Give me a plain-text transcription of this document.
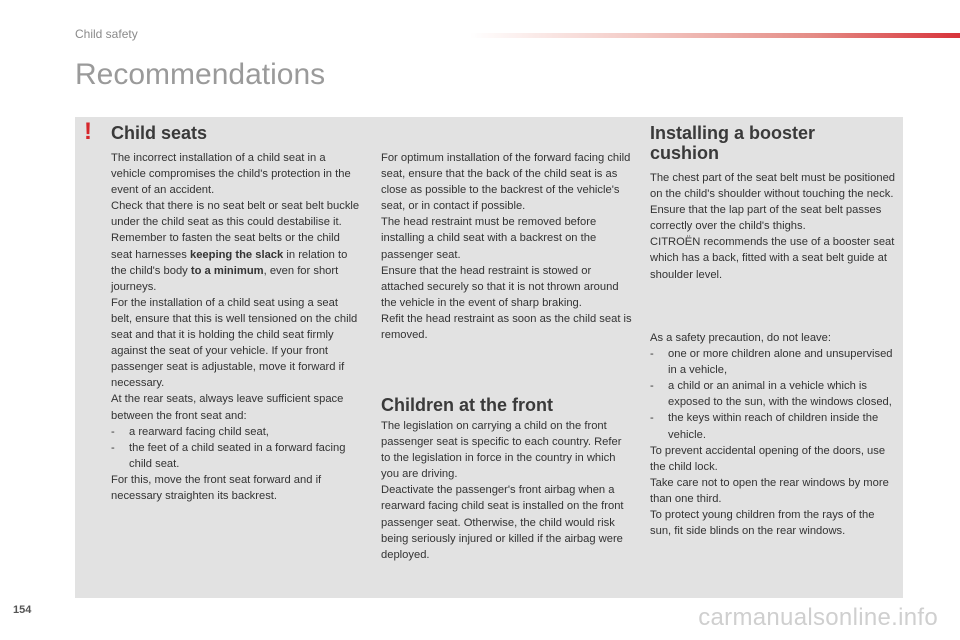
Child safety
Recommendations
! Child seats

The incorrect installation of a child seat in a vehicle compromises the child's protection in the event of an accident.

Check that there is no seat belt or seat belt buckle under the child seat as this could destabilise it.

Remember to fasten the seat belts or the child seat harnesses keeping the slack in relation to the child's body to a minimum, even for short journeys.

For the installation of a child seat using a seat belt, ensure that this is well tensioned on the child seat and that it is holding the child seat firmly against the seat of your vehicle. If your front passenger seat is adjustable, move it forward if necessary.

At the rear seats, always leave sufficient space between the front seat and:

- a rearward facing child seat,

- the feet of a child seated in a forward facing child seat.

For this, move the front seat forward and if necessary straighten its backrest.

For optimum installation of the forward facing child seat, ensure that the back of the child seat is as close as possible to the backrest of the vehicle's seat, or in contact if possible.

The head restraint must be removed before installing a child seat with a backrest on the passenger seat.

Ensure that the head restraint is stowed or attached securely so that it is not thrown around the vehicle in the event of sharp braking.

Refit the head restraint as soon as the child seat is removed.

Children at the front

The legislation on carrying a child on the front passenger seat is specific to each country. Refer to the legislation in force in the country in which you are driving.

Deactivate the passenger's front airbag when a rearward facing child seat is installed on the front passenger seat. Otherwise, the child would risk being seriously injured or killed if the airbag were deployed.

Installing a booster cushion

The chest part of the seat belt must be positioned on the child's shoulder without touching the neck.

Ensure that the lap part of the seat belt passes correctly over the child's thighs.

CITROËN recommends the use of a booster seat which has a back, fitted with a seat belt guide at shoulder level.

As a safety precaution, do not leave:

- one or more children alone and unsupervised in a vehicle,

- a child or an animal in a vehicle which is exposed to the sun, with the windows closed,

- the keys within reach of children inside the vehicle.

To prevent accidental opening of the doors, use the child lock.

Take care not to open the rear windows by more than one third.

To protect young children from the rays of the sun, fit side blinds on the rear windows.

154	carmanualsonline.info
